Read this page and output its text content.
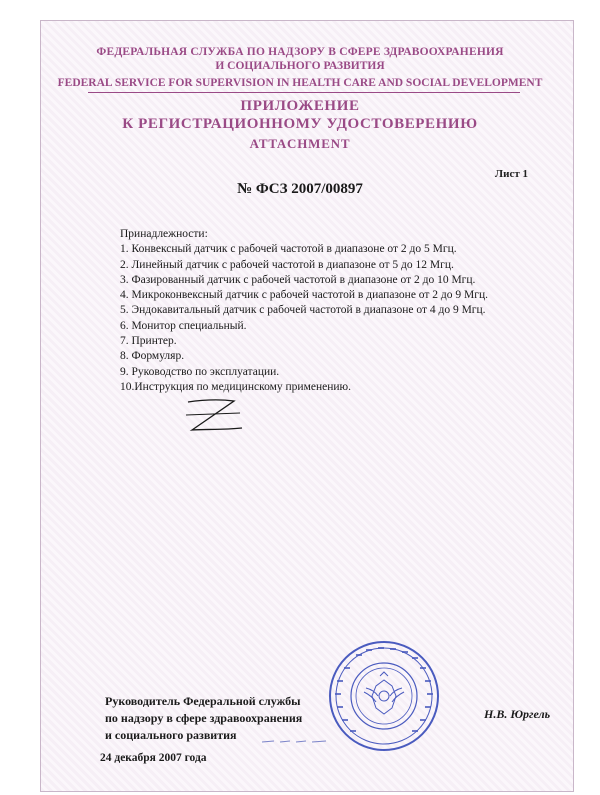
ФЕДЕРАЛЬНАЯ СЛУЖБА ПО НАДЗОРУ В СФЕРЕ ЗДРАВООХРАНЕНИЯ
И СОЦИАЛЬНОГО РАЗВИТИЯ
FEDERAL SERVICE FOR SUPERVISION IN HEALTH CARE AND SOCIAL DEVELOPMENT
ПРИЛОЖЕНИЕ
К РЕГИСТРАЦИОННОМУ УДОСТОВЕРЕНИЮ
ATTACHMENT
Лист 1
№ ФСЗ 2007/00897
Принадлежности:
1. Конвексный датчик с рабочей частотой в диапазоне от 2 до 5 Мгц.
2. Линейный датчик с рабочей частотой в диапазоне от 5 до 12 Мгц.
3. Фазированный датчик с рабочей частотой в диапазоне от 2 до 10 Мгц.
4. Микроконвексный датчик с рабочей частотой в диапазоне от 2 до 9 Мгц.
5. Эндокавитальный датчик с рабочей частотой в диапазоне от 4 до 9 Мгц.
6. Монитор специальный.
7. Принтер.
8. Формуляр.
9. Руководство по эксплуатации.
10.Инструкция по медицинскому применению.
Руководитель Федеральной службы
по надзору в сфере здравоохранения
и социального развития
Н.В. Юргель
24 декабря 2007 года
